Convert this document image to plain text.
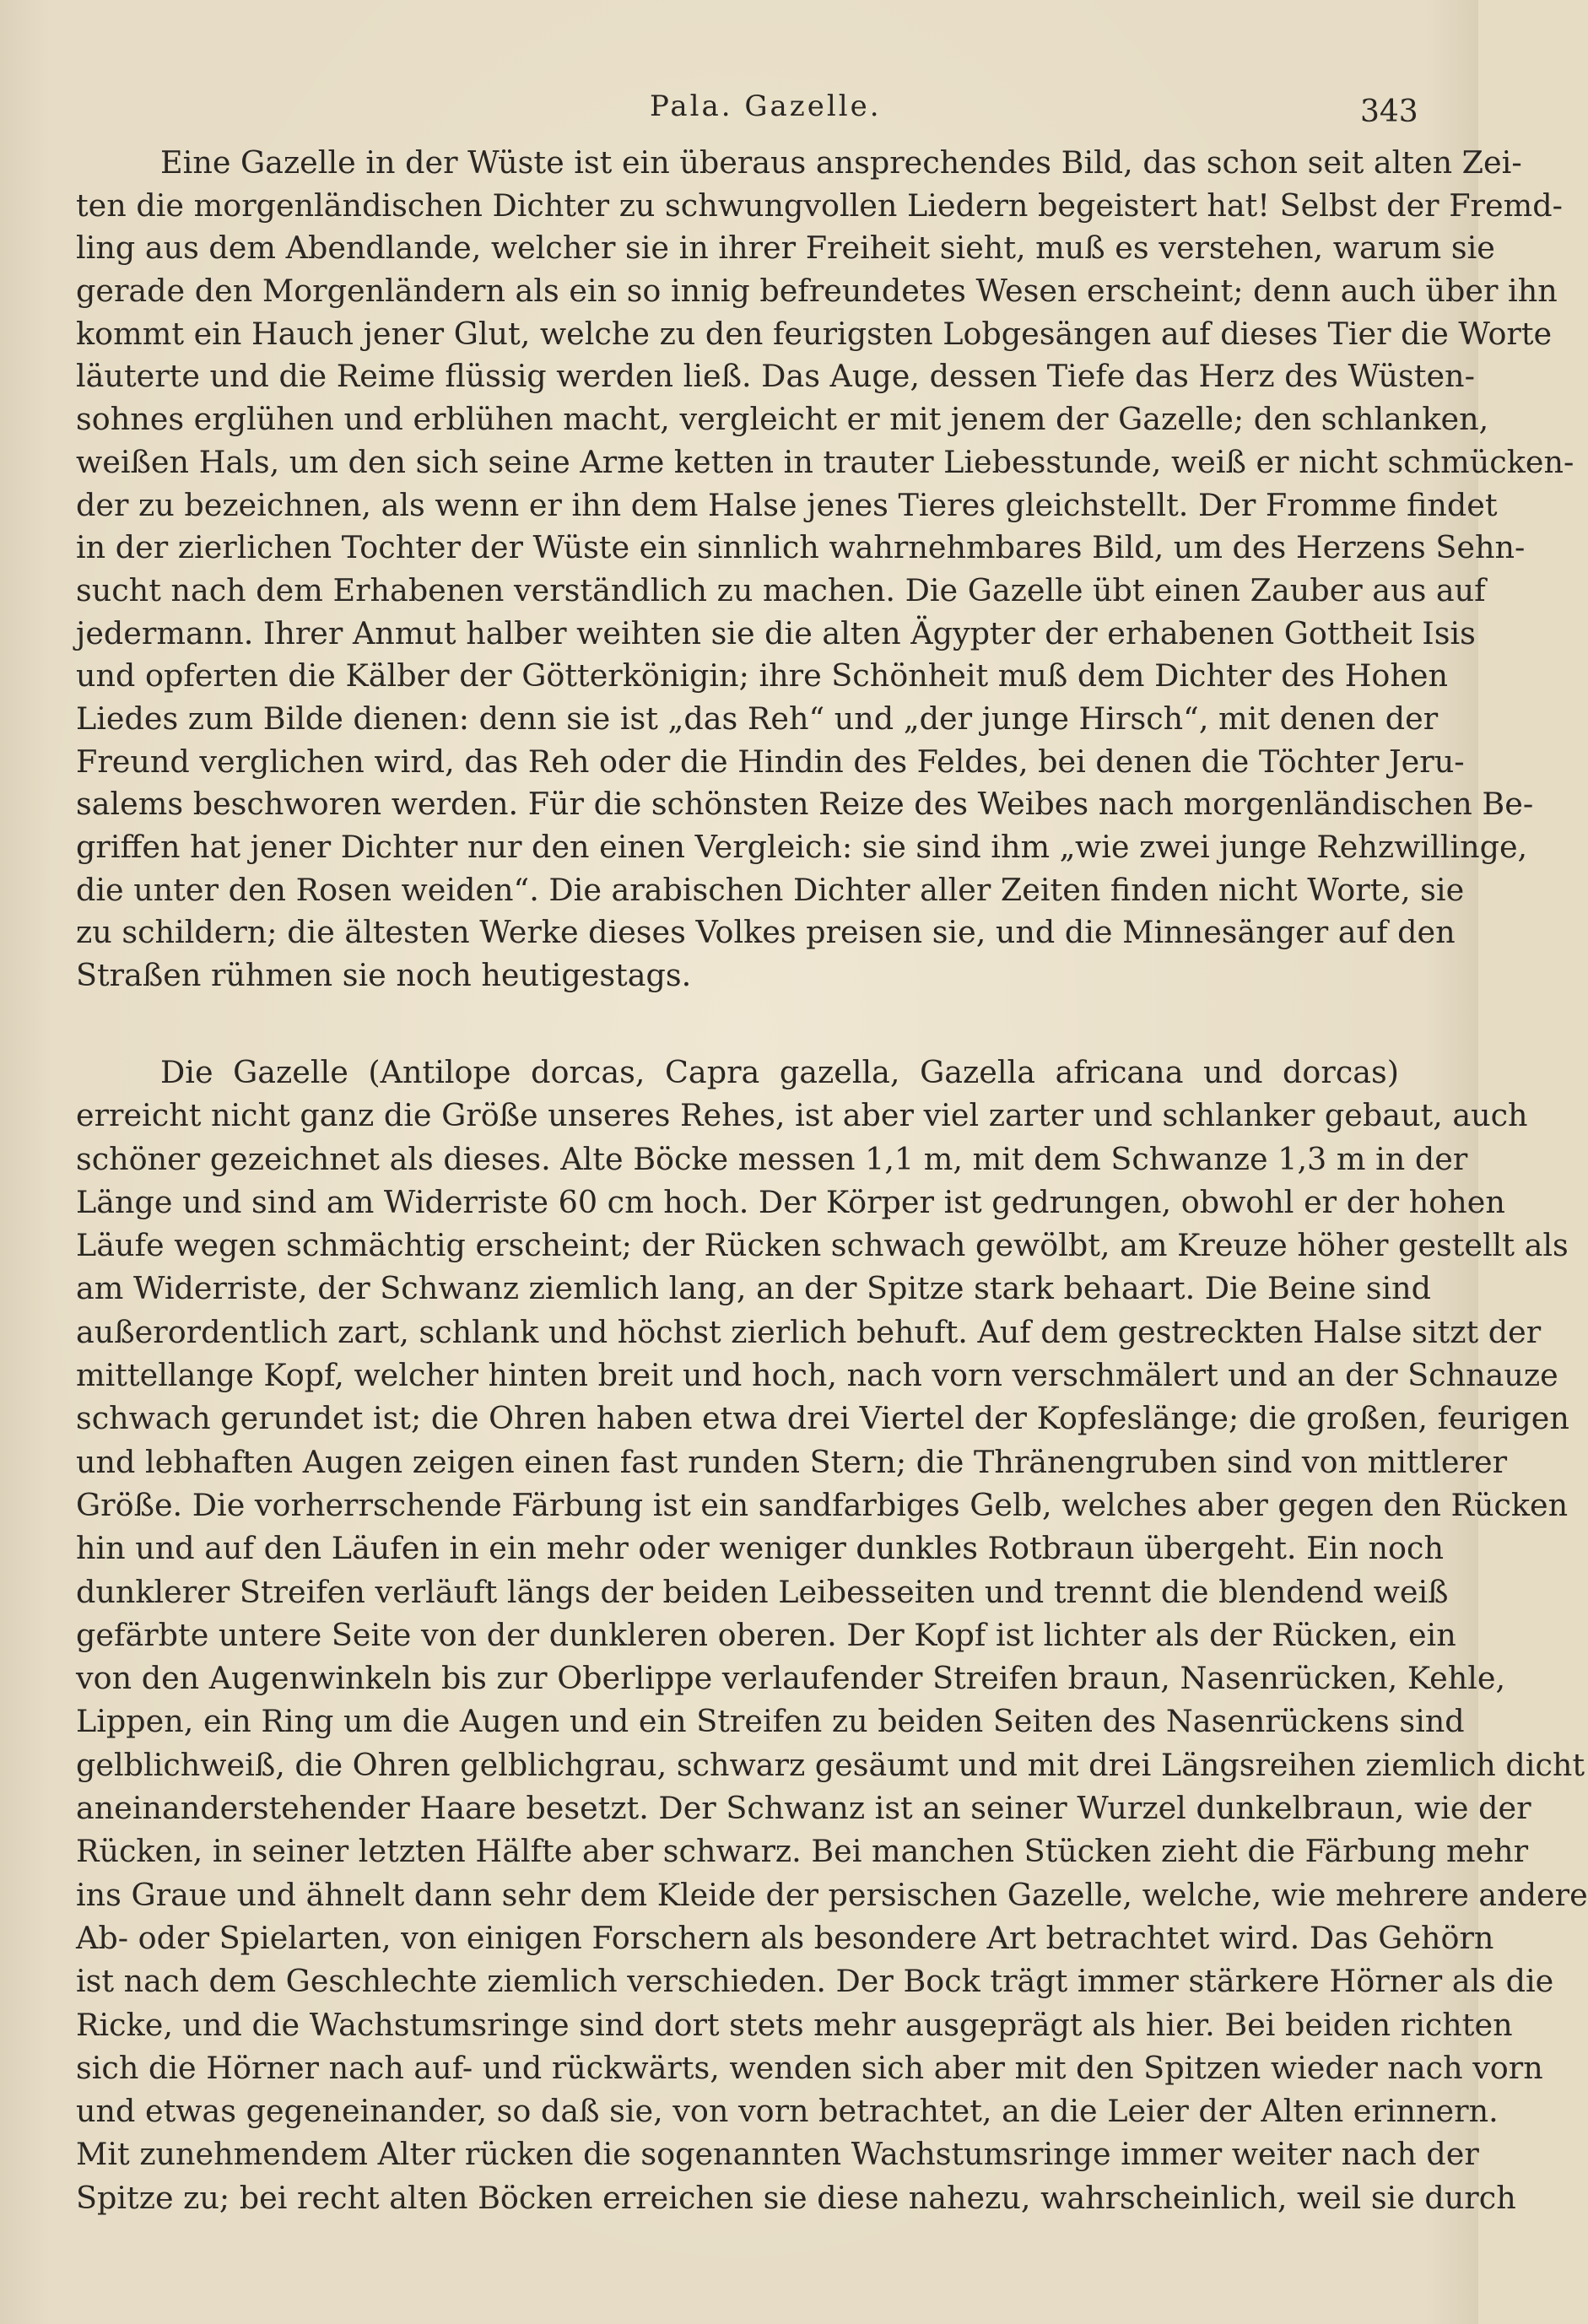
Pala. Gazelle.	343
Eine Gazelle in der Wüste ist ein überaus ansprechendes Bild, das schon seit alten Zei-
ten die morgenländischen Dichter zu schwungvollen Liedern begeistert hat! Selbst der Fremd-
ling aus dem Abendlande, welcher sie in ihrer Freiheit sieht, muß es verstehen, warum sie
gerade den Morgenländern als ein so innig befreundetes Wesen erscheint; denn auch über ihn
kommt ein Hauch jener Glut, welche zu den feurigsten Lobgesängen auf dieses Tier die Worte
läuterte und die Reime flüssig werden ließ. Das Auge, dessen Tiefe das Herz des Wüsten-
sohnes erglühen und erblühen macht, vergleicht er mit jenem der Gazelle; den schlanken,
weißen Hals, um den sich seine Arme ketten in trauter Liebesstunde, weiß er nicht schmücken-
der zu bezeichnen, als wenn er ihn dem Halse jenes Tieres gleichstellt. Der Fromme findet
in der zierlichen Tochter der Wüste ein sinnlich wahrnehmbares Bild, um des Herzens Sehn-
sucht nach dem Erhabenen verständlich zu machen. Die Gazelle übt einen Zauber aus auf
jedermann. Ihrer Anmut halber weihten sie die alten Ägypter der erhabenen Gottheit Isis
und opferten die Kälber der Götterkönigin; ihre Schönheit muß dem Dichter des Hohen
Liedes zum Bilde dienen: denn sie ist „das Reh“ und „der junge Hirsch“, mit denen der
Freund verglichen wird, das Reh oder die Hindin des Feldes, bei denen die Töchter Jeru-
salems beschworen werden. Für die schönsten Reize des Weibes nach morgenländischen Be-
griffen hat jener Dichter nur den einen Vergleich: sie sind ihm „wie zwei junge Rehzwillinge,
die unter den Rosen weiden“. Die arabischen Dichter aller Zeiten finden nicht Worte, sie
zu schildern; die ältesten Werke dieses Volkes preisen sie, und die Minnesänger auf den
Straßen rühmen sie noch heutigestags.
Die Gazelle (Antilope dorcas, Capra gazella, Gazella africana und dorcas)
erreicht nicht ganz die Größe unseres Rehes, ist aber viel zarter und schlanker gebaut, auch
schöner gezeichnet als dieses. Alte Böcke messen 1,1 m, mit dem Schwanze 1,3 m in der
Länge und sind am Widerriste 60 cm hoch. Der Körper ist gedrungen, obwohl er der hohen
Läufe wegen schmächtig erscheint; der Rücken schwach gewölbt, am Kreuze höher gestellt als
am Widerriste, der Schwanz ziemlich lang, an der Spitze stark behaart. Die Beine sind
außerordentlich zart, schlank und höchst zierlich behuft. Auf dem gestreckten Halse sitzt der
mittellange Kopf, welcher hinten breit und hoch, nach vorn verschmälert und an der Schnauze
schwach gerundet ist; die Ohren haben etwa drei Viertel der Kopfeslänge; die großen, feurigen
und lebhaften Augen zeigen einen fast runden Stern; die Thränengruben sind von mittlerer
Größe. Die vorherrschende Färbung ist ein sandfarbiges Gelb, welches aber gegen den Rücken
hin und auf den Läufen in ein mehr oder weniger dunkles Rotbraun übergeht. Ein noch
dunklerer Streifen verläuft längs der beiden Leibesseiten und trennt die blendend weiß
gefärbte untere Seite von der dunkleren oberen. Der Kopf ist lichter als der Rücken, ein
von den Augenwinkeln bis zur Oberlippe verlaufender Streifen braun, Nasenrücken, Kehle,
Lippen, ein Ring um die Augen und ein Streifen zu beiden Seiten des Nasenrückens sind
gelblichweiß, die Ohren gelblichgrau, schwarz gesäumt und mit drei Längsreihen ziemlich dicht
aneinanderstehender Haare besetzt. Der Schwanz ist an seiner Wurzel dunkelbraun, wie der
Rücken, in seiner letzten Hälfte aber schwarz. Bei manchen Stücken zieht die Färbung mehr
ins Graue und ähnelt dann sehr dem Kleide der persischen Gazelle, welche, wie mehrere andere
Ab- oder Spielarten, von einigen Forschern als besondere Art betrachtet wird. Das Gehörn
ist nach dem Geschlechte ziemlich verschieden. Der Bock trägt immer stärkere Hörner als die
Ricke, und die Wachstumsringe sind dort stets mehr ausgeprägt als hier. Bei beiden richten
sich die Hörner nach auf- und rückwärts, wenden sich aber mit den Spitzen wieder nach vorn
und etwas gegeneinander, so daß sie, von vorn betrachtet, an die Leier der Alten erinnern.
Mit zunehmendem Alter rücken die sogenannten Wachstumsringe immer weiter nach der
Spitze zu; bei recht alten Böcken erreichen sie diese nahezu, wahrscheinlich, weil sie durch
